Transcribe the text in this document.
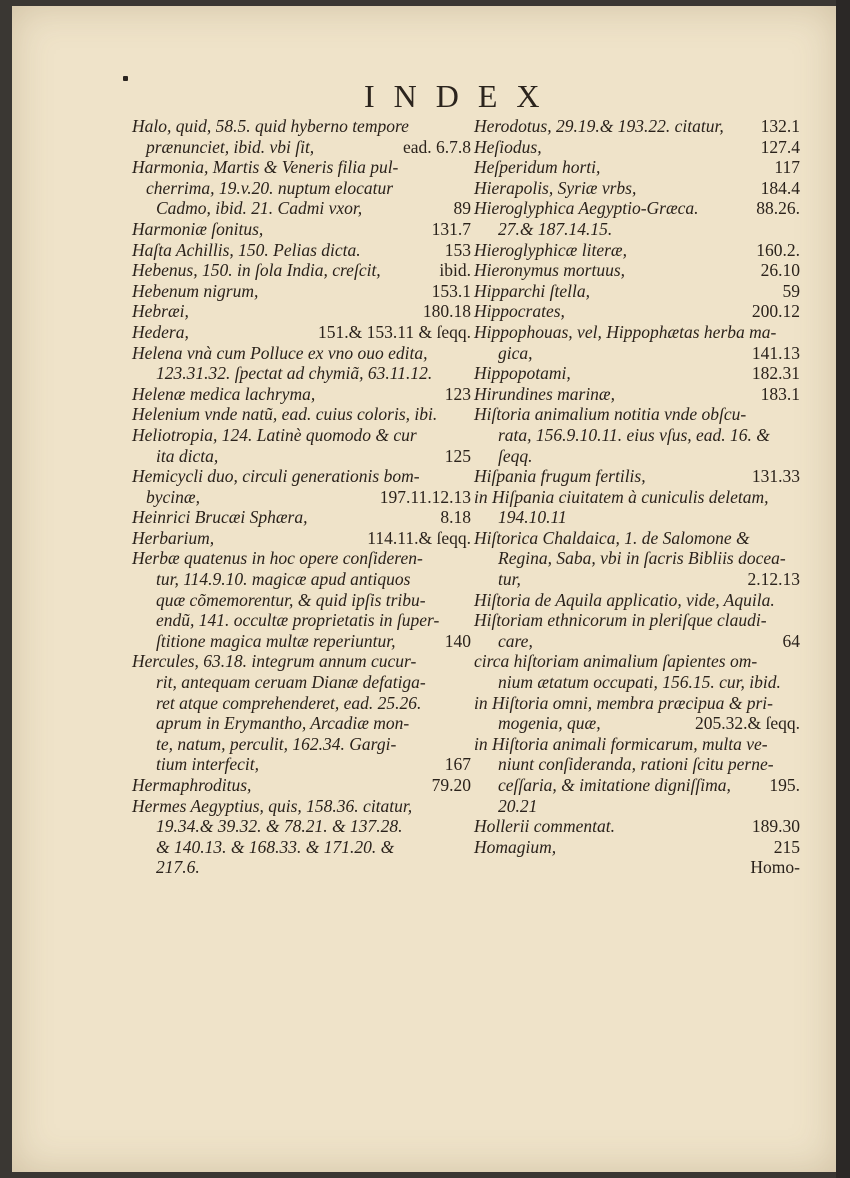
INDEX
Halo, quid, 58.5. quid hyberno tempore
prænunciet, ibid. vbi ſit,	ead. 6.7.8
Harmonia, Martis & Veneris filia pul-
cherrima, 19.v.20. nuptum elocatur
Cadmo, ibid. 21. Cadmi vxor,	89
Harmoniæ ſonitus,	131.7
Haſta Achillis, 150. Pelias dicta.	153
Hebenus, 150. in ſola India, creſcit,	ibid.
Hebenum nigrum,	153.1
Hebræi,	180.18
Hedera,	151.& 153.11 & ſeqq.
Helena vnà cum Polluce ex vno ouo edita,
123.31.32. ſpectat ad chymiã, 63.11.12.
Helenæ medica lachryma,	123
Helenium vnde natũ, ead. cuius coloris, ibi.
Heliotropia, 124. Latinè quomodo & cur
ita dicta,	125
Hemicycli duo, circuli generationis bom-
bycinæ,	197.11.12.13
Heinrici Brucæi Sphæra,	8.18
Herbarium,	114.11.& ſeqq.
Herbæ quatenus in hoc opere conſideren-
tur, 114.9.10. magicæ apud antiquos
quæ cõmemorentur, & quid ipſis tribu-
endũ, 141. occultæ proprietatis in ſuper-
ſtitione magica multæ reperiuntur,	140
Hercules, 63.18. integrum annum cucur-
rit, antequam ceruam Dianæ defatiga-
ret atque comprehenderet, ead. 25.26.
aprum in Erymantho, Arcadiæ mon-
te, natum, perculit, 162.34. Gargi-
tium interfecit,	167
Hermaphroditus,	79.20
Hermes Aegyptius, quis, 158.36. citatur,
19.34.& 39.32. & 78.21. & 137.28.
& 140.13. & 168.33. & 171.20. &
217.6.
Herodotus, 29.19.& 193.22. citatur, 132.1
Heſiodus,	127.4
Heſperidum horti,	117
Hierapolis, Syriæ vrbs,	184.4
Hieroglyphica Aegyptio-Græca.	88.26.
27.& 187.14.15.
Hieroglyphicæ literæ,	160.2.
Hieronymus mortuus,	26.10
Hipparchi ſtella,	59
Hippocrates,	200.12
Hippophouas, vel, Hippophætas herba ma-
gica,	141.13
Hippopotami,	182.31
Hirundines marinæ,	183.1
Hiſtoria animalium notitia vnde obſcu-
rata, 156.9.10.11. eius vſus, ead. 16. &
ſeqq.
Hiſpania frugum fertilis,	131.33
in Hiſpania ciuitatem à cuniculis deletam,
194.10.11
Hiſtorica Chaldaica, 1. de Salomone &
Regina, Saba, vbi in ſacris Bibliis docea-
tur,	2.12.13
Hiſtoria de Aquila applicatio, vide, Aquila.
Hiſtoriam ethnicorum in pleriſque claudi-
care,	64
circa hiſtoriam animalium ſapientes om-
nium ætatum occupati, 156.15. cur, ibid.
in Hiſtoria omni, membra præcipua & pri-
mogenia, quæ,	205.32.& ſeqq.
in Hiſtoria animali formicarum, multa ve-
niunt conſideranda, rationi ſcitu perne-
ceſſaria, & imitatione digniſſima, 195.
20.21
Hollerii commentat.	189.30
Homagium,	215
Homo-
